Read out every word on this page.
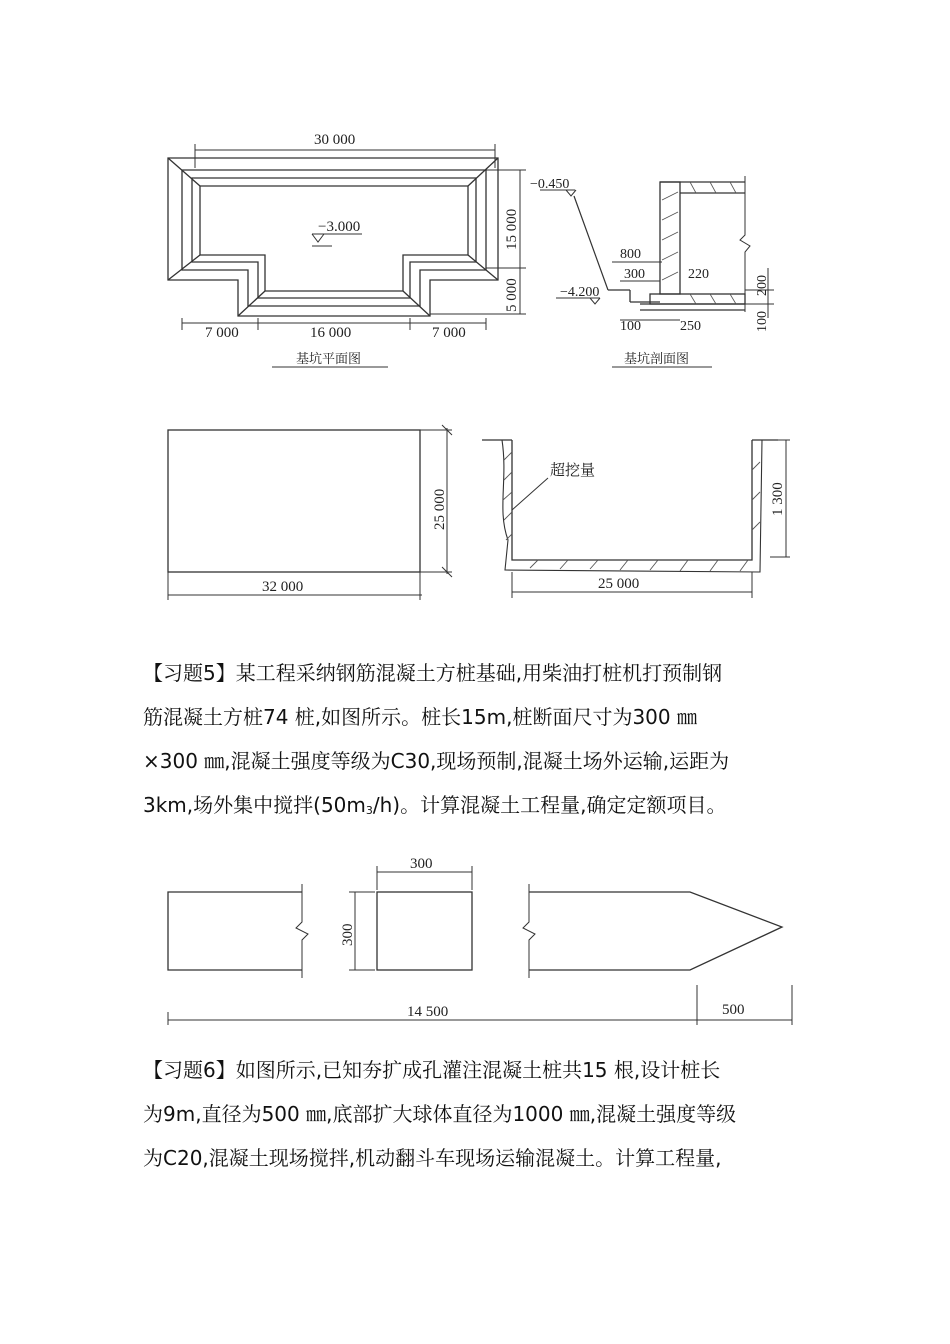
30 000
15 000
5 000
7 000	16 000	7 000
−3.000
基坑平面图
−0.450
−4.200
800
300	220
200
100
100	250
基坑剖面图
25 000
32 000	25 000
1 300
超挖量
【习题5】某工程采纳钢筋混凝土方桩基础,用柴油打桩机打预制钢
筋混凝土方桩74 桩,如图所示。桩长15m,桩断面尺寸为300 ㎜
×300 ㎜,混凝土强度等级为C30,现场预制,混凝土场外运输,运距为
3km,场外集中搅拌$(50m_3/h)$。计算混凝土工程量,确定定额项目。
300
300
14 500	500
【习题6】如图所示,已知夯扩成孔灌注混凝土桩共15 根,设计桩长
为9m,直径为500 ㎜,底部扩大球体直径为1000 ㎜,混凝土强度等级
为C20,混凝土现场搅拌,机动翻斗车现场运输混凝土。计算工程量,
